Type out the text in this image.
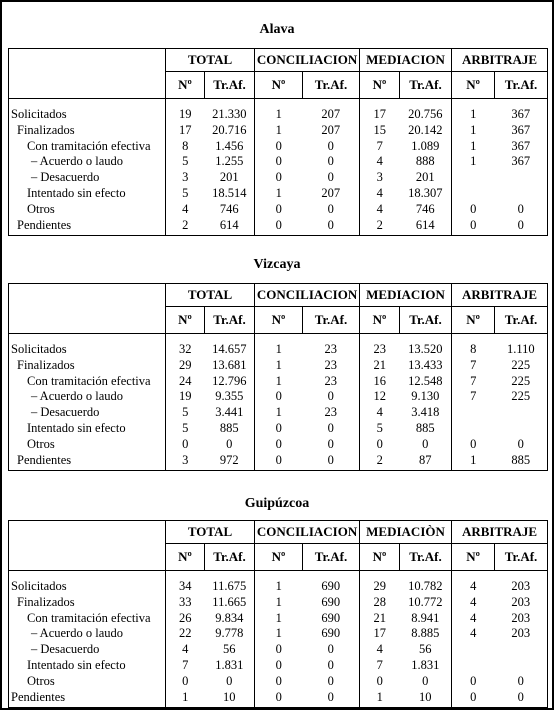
Alava
	TOTAL		CONCILIACION		MEDIACION		ARBITRAJE	
	Nº	Tr.Af.	Nº	Tr.Af.	Nº	Tr.Af.	Nº	Tr.Af.
Solicitados	19	21.330	1	207	17	20.756	1	367
Finalizados	17	20.716	1	207	15	20.142	1	367
Con tramitación efectiva	8	1.456	0	0	7	1.089	1	367
– Acuerdo o laudo	5	1.255	0	0	4	888	1	367
– Desacuerdo	3	201	0	0	3	201		
Intentado sin efecto	5	18.514	1	207	4	18.307		
Otros	4	746	0	0	4	746	0	0
Pendientes	2	614	0	0	2	614	0	0
Vizcaya
	TOTAL		CONCILIACION		MEDIACION		ARBITRAJE	
	Nº	Tr.Af.	Nº	Tr.Af.	Nº	Tr.Af.	Nº	Tr.Af.
Solicitados	32	14.657	1	23	23	13.520	8	1.110
Finalizados	29	13.681	1	23	21	13.433	7	225
Con tramitación efectiva	24	12.796	1	23	16	12.548	7	225
– Acuerdo o laudo	19	9.355	0	0	12	9.130	7	225
– Desacuerdo	5	3.441	1	23	4	3.418		
Intentado sin efecto	5	885	0	0	5	885		
Otros	0	0	0	0	0	0	0	0
Pendientes	3	972	0	0	2	87	1	885
Guipúzcoa
	TOTAL		CONCILIACION		MEDIACIÒN		ARBITRAJE	
	Nº	Tr.Af.	Nº	Tr.Af.	Nº	Tr.Af.	Nº	Tr.Af.
Solicitados	34	11.675	1	690	29	10.782	4	203
Finalizados	33	11.665	1	690	28	10.772	4	203
Con tramitación efectiva	26	9.834	1	690	21	8.941	4	203
– Acuerdo o laudo	22	9.778	1	690	17	8.885	4	203
– Desacuerdo	4	56	0	0	4	56		
Intentado sin efecto	7	1.831	0	0	7	1.831		
Otros	0	0	0	0	0	0	0	0
Pendientes	1	10	0	0	1	10	0	0
